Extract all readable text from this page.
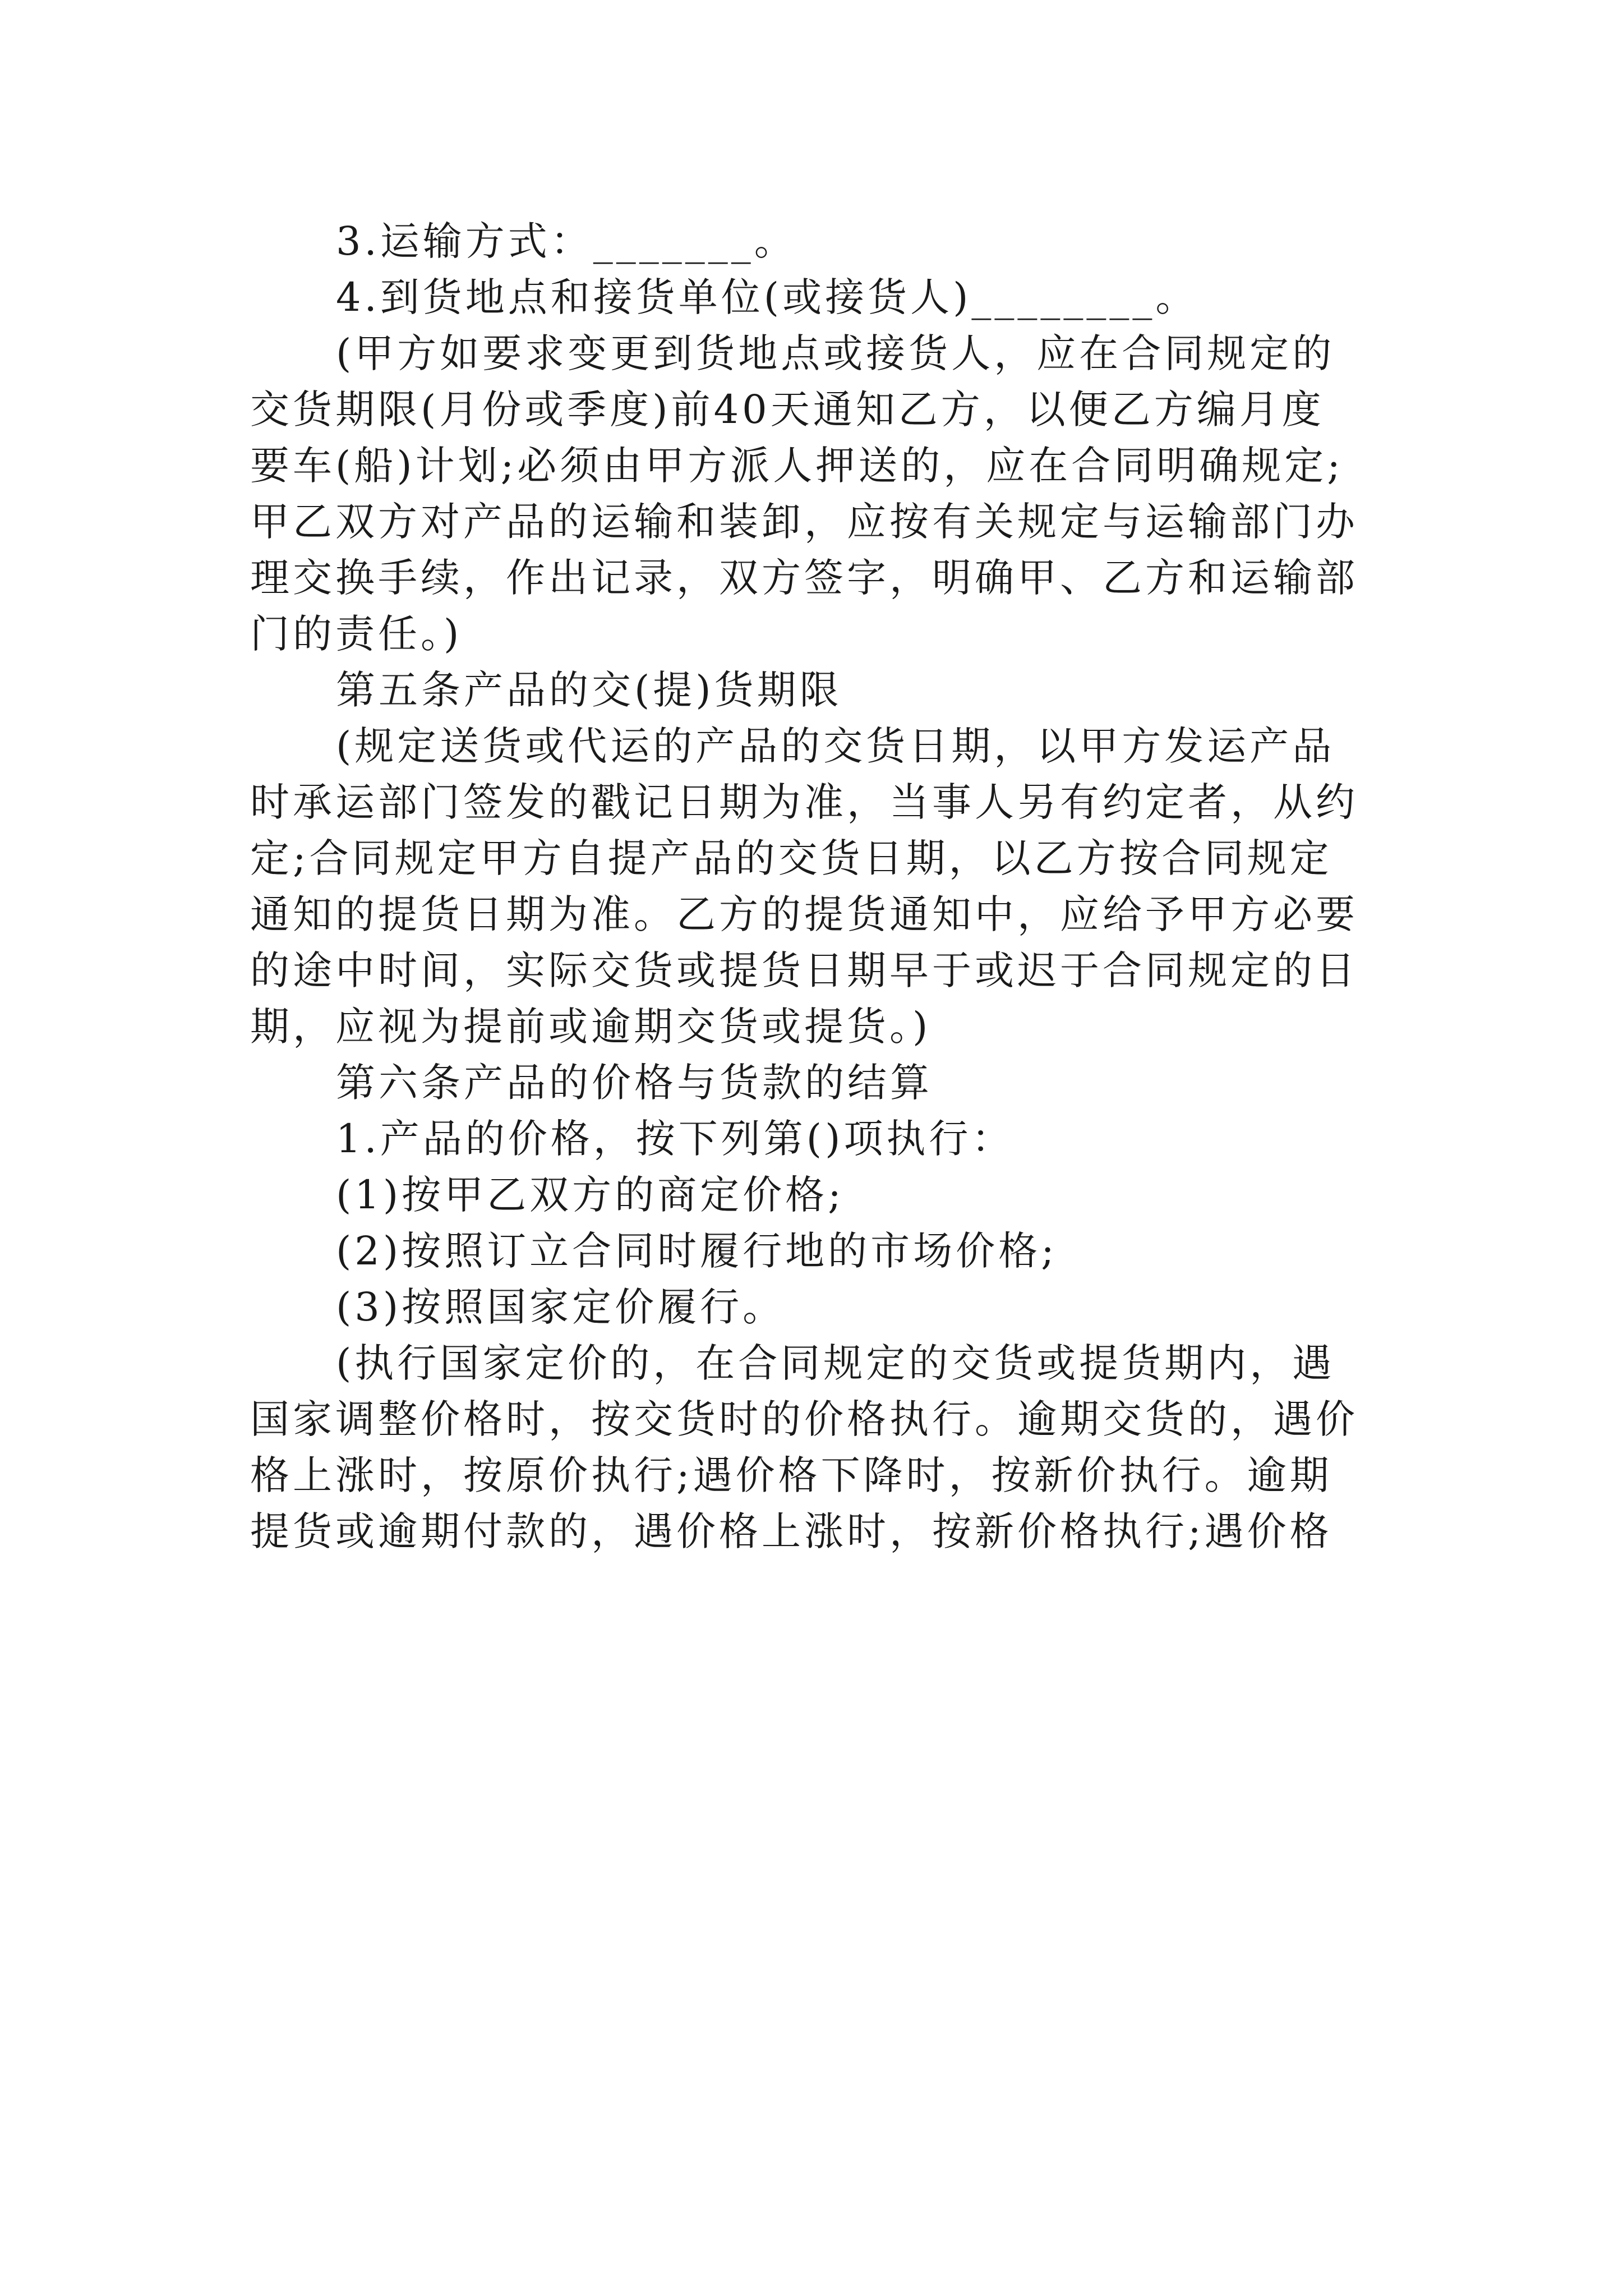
3.运输方式：_______。
4.到货地点和接货单位(或接货人)________。
(甲方如要求变更到货地点或接货人，应在合同规定的
交货期限(月份或季度)前40天通知乙方，以便乙方编月度
要车(船)计划;必须由甲方派人押送的，应在合同明确规定;
甲乙双方对产品的运输和装卸，应按有关规定与运输部门办
理交换手续，作出记录，双方签字，明确甲、乙方和运输部
门的责任。)
第五条产品的交(提)货期限
(规定送货或代运的产品的交货日期，以甲方发运产品
时承运部门签发的戳记日期为准，当事人另有约定者，从约
定;合同规定甲方自提产品的交货日期，以乙方按合同规定
通知的提货日期为准。乙方的提货通知中，应给予甲方必要
的途中时间，实际交货或提货日期早于或迟于合同规定的日
期，应视为提前或逾期交货或提货。)
第六条产品的价格与货款的结算
1.产品的价格，按下列第()项执行：
(1)按甲乙双方的商定价格;
(2)按照订立合同时履行地的市场价格;
(3)按照国家定价履行。
(执行国家定价的，在合同规定的交货或提货期内，遇
国家调整价格时，按交货时的价格执行。逾期交货的，遇价
格上涨时，按原价执行;遇价格下降时，按新价执行。逾期
提货或逾期付款的，遇价格上涨时，按新价格执行;遇价格
